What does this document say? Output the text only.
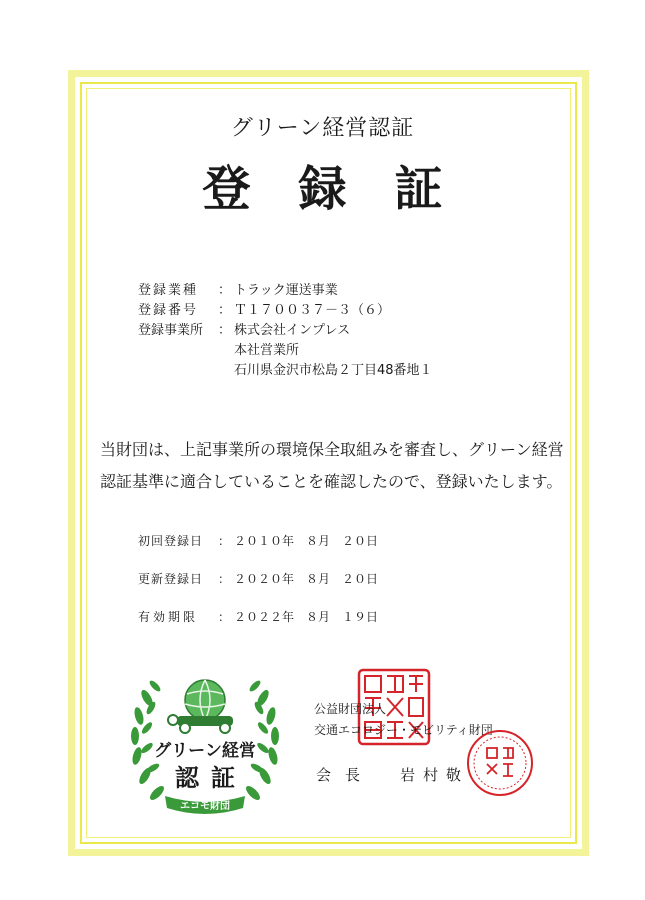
グリーン経営認証
登録証
登録業種	： トラック運送事業
登録番号	： Ｔ１７００３７－３（６）
登録事業所	： 株式会社インプレス
本社営業所
石川県金沢市松島２丁目48番地１
当財団は、上記事業所の環境保全取組みを審査し、グリーン経営
認証基準に適合していることを確認したので、登録いたします。
初回登録日	： ２０１０年　８月　２０日
更新登録日	： ２０２０年　８月　２０日
有効期限	： ２０２２年　８月　１９日
グリーン経営
認証
エコモ財団
公益財団法人
交通エコロジー・モビリティ財団
会長 岩村敬
